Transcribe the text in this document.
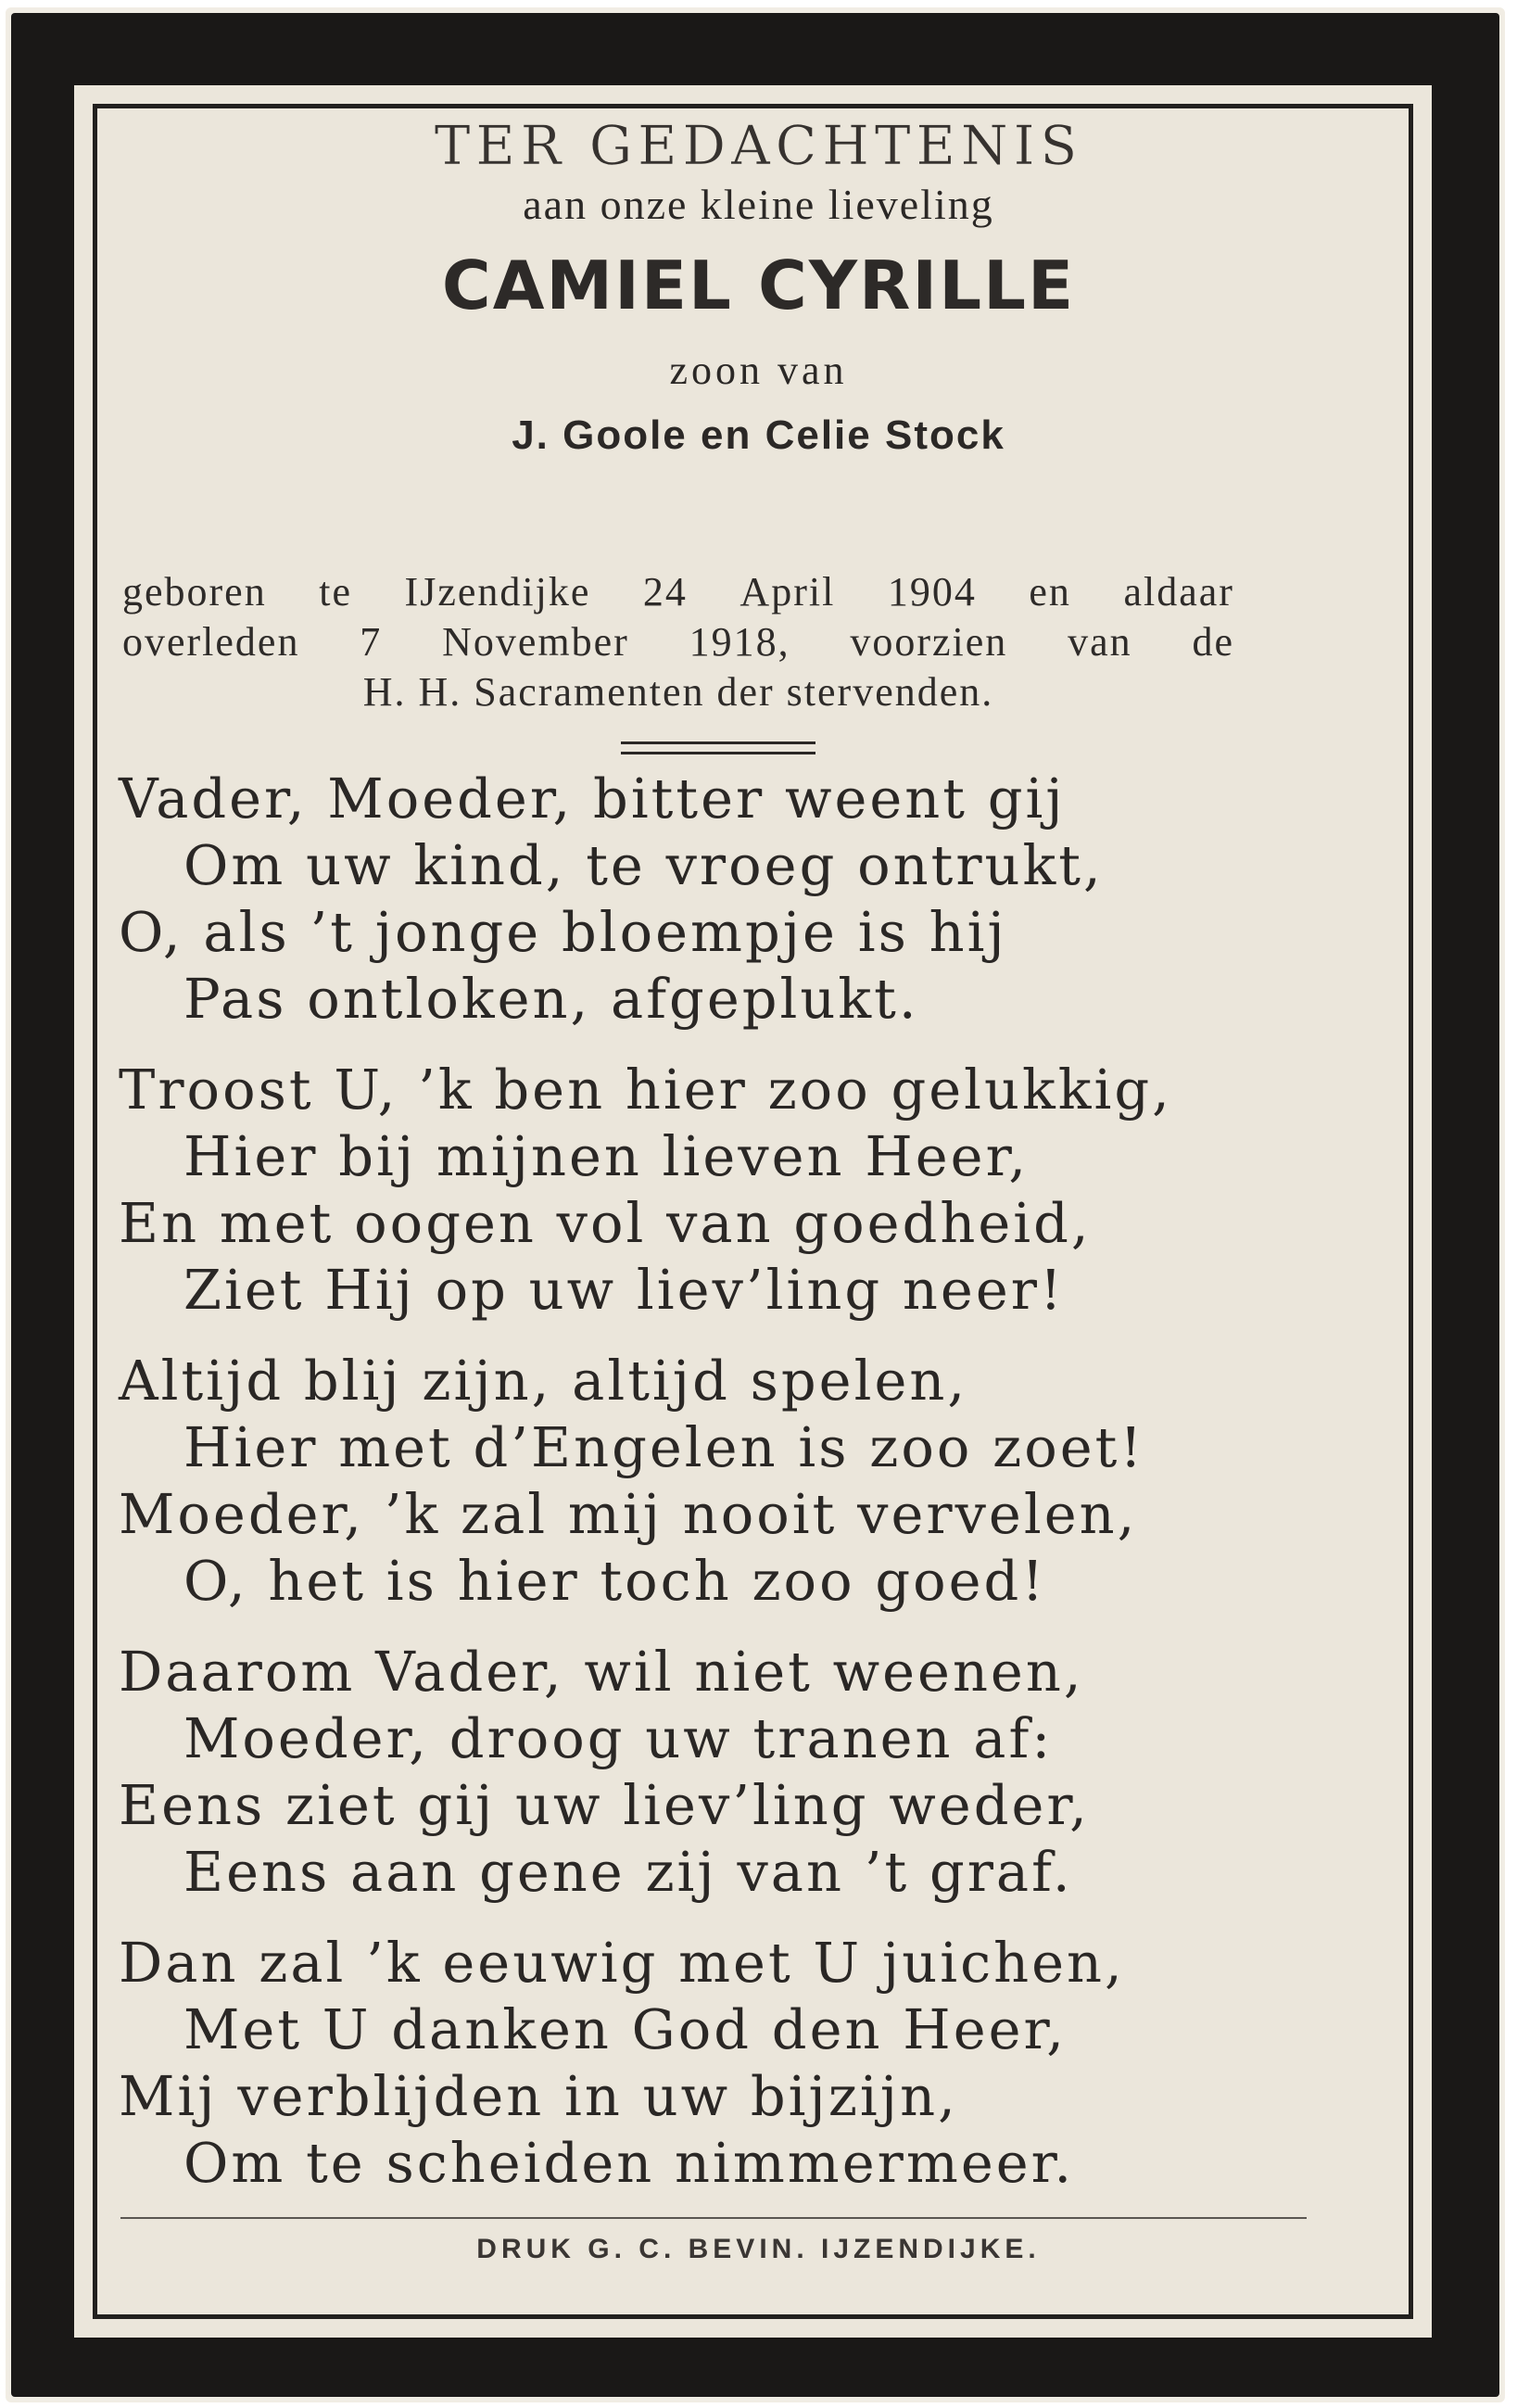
TER GEDACHTENIS
aan onze kleine lieveling
CAMIEL CYRILLE
zoon van
J. Goole en Celie Stock
geboren te IJzendijke 24 April 1904 en aldaar
overleden 7 November 1918, voorzien van de
H. H. Sacramenten der stervenden.
Vader, Moeder, bitter weent gij
Om uw kind, te vroeg ontrukt,
O, als ’t jonge bloempje is hij
Pas ontloken, afgeplukt.
Troost U, ’k ben hier zoo gelukkig,
Hier bij mijnen lieven Heer,
En met oogen vol van goedheid,
Ziet Hij op uw liev’ling neer!
Altijd blij zijn, altijd spelen,
Hier met d’Engelen is zoo zoet!
Moeder, ’k zal mij nooit vervelen,
O, het is hier toch zoo goed!
Daarom Vader, wil niet weenen,
Moeder, droog uw tranen af:
Eens ziet gij uw liev’ling weder,
Eens aan gene zij van ’t graf.
Dan zal ’k eeuwig met U juichen,
Met U danken God den Heer,
Mij verblijden in uw bijzijn,
Om te scheiden nimmermeer.
DRUK G. C. BEVIN. IJZENDIJKE.
